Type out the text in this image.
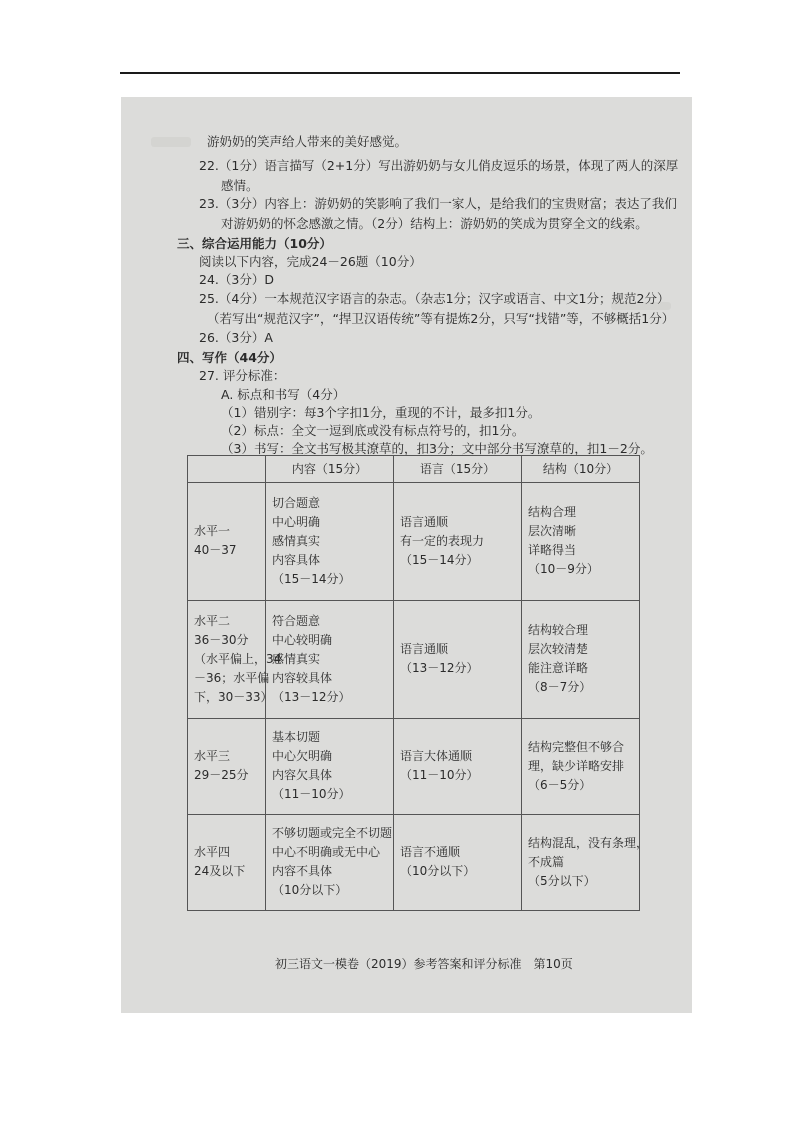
游奶奶的笑声给人带来的美好感觉。
22.（1分）语言描写（2+1分）写出游奶奶与女儿俏皮逗乐的场景，体现了两人的深厚
感情。
23.（3分）内容上：游奶奶的笑影响了我们一家人，是给我们的宝贵财富；表达了我们
对游奶奶的怀念感激之情。（2分）结构上：游奶奶的笑成为贯穿全文的线索。
三、综合运用能力（10分）
阅读以下内容，完成24－26题（10分）
24.（3分）D
25.（4分）一本规范汉字语言的杂志。（杂志1分；汉字或语言、中文1分；规范2分）
（若写出“规范汉字”，“捍卫汉语传统”等有提炼2分，只写“找错”等，不够概括1分）
26.（3分）A
四、写作（44分）
27. 评分标准：
A. 标点和书写（4分）
（1）错别字：每3个字扣1分，重现的不计，最多扣1分。
（2）标点：全文一逗到底或没有标点符号的，扣1分。
（3）书写：全文书写极其潦草的，扣3分；文中部分书写潦草的，扣1－2分。
	内容（15分）	语言（15分）	结构（10分）

水平一
40－37	切合题意
中心明确
感情真实
内容具体
（15－14分）	语言通顺
有一定的表现力
（15－14分）	结构合理
层次清晰
详略得当
（10－9分）

水平二
36－30分
（水平偏上，34
－36；水平偏
下，30－33）	符合题意
中心较明确
感情真实
内容较具体
（13－12分）	语言通顺
（13－12分）	结构较合理
层次较清楚
能注意详略
（8－7分）

水平三
29－25分	基本切题
中心欠明确
内容欠具体
（11－10分）	语言大体通顺
（11－10分）	结构完整但不够合
理，缺少详略安排
（6－5分）

水平四
24及以下	不够切题或完全不切题
中心不明确或无中心
内容不具体
（10分以下）	语言不通顺
（10分以下）	结构混乱，没有条理，
不成篇
（5分以下）
初三语文一模卷（2019）参考答案和评分标准　第10页
